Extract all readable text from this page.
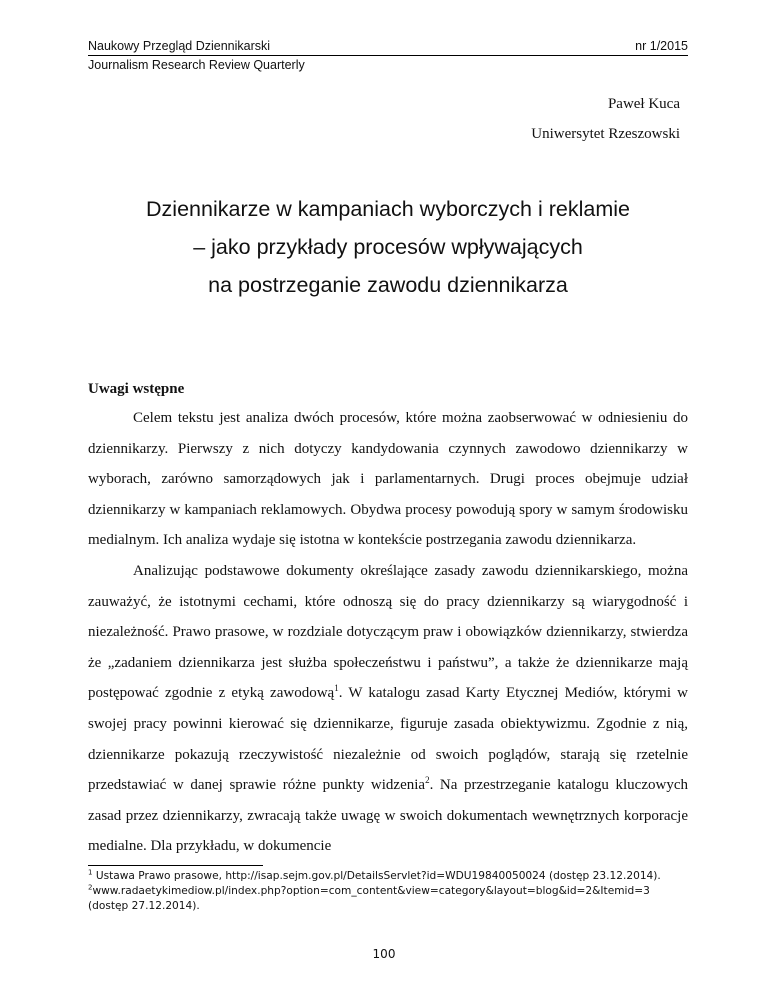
Naukowy Przegląd Dziennikarski	nr 1/2015
Journalism Research Review Quarterly
Paweł Kuca
Uniwersytet Rzeszowski
Dziennikarze w kampaniach wyborczych i reklamie
– jako przykłady procesów wpływających
na postrzeganie zawodu dziennikarza
Uwagi wstępne

Celem tekstu jest analiza dwóch procesów, które można zaobserwować w odniesieniu do dziennikarzy. Pierwszy z nich dotyczy kandydowania czynnych zawodowo dziennikarzy w wyborach, zarówno samorządowych jak i parlamentarnych. Drugi proces obejmuje udział dziennikarzy w kampaniach reklamowych. Obydwa procesy powodują spory w samym środowisku medialnym. Ich analiza wydaje się istotna w kontekście postrzegania zawodu dziennikarza.

Analizując podstawowe dokumenty określające zasady zawodu dziennikarskiego, można zauważyć, że istotnymi cechami, które odnoszą się do pracy dziennikarzy są wiarygodność i niezależność. Prawo prasowe, w rozdziale dotyczącym praw i obowiązków dziennikarzy, stwierdza że „zadaniem dziennikarza jest służba społeczeństwu i państwu”, a także że dziennikarze mają postępować zgodnie z etyką zawodową$^1$. W katalogu zasad Karty Etycznej Mediów, którymi w swojej pracy powinni kierować się dziennikarze, figuruje zasada obiektywizmu. Zgodnie z nią, dziennikarze pokazują rzeczywistość niezależnie od swoich poglądów, starają się rzetelnie przedstawiać w danej sprawie różne punkty widzenia$^2$. Na przestrzeganie katalogu kluczowych zasad przez dziennikarzy, zwracają także uwagę w swoich dokumentach wewnętrznych korporacje medialne. Dla przykładu, w dokumencie

$^1$ Ustawa Prawo prasowe, http://isap.sejm.gov.pl/DetailsServlet?id=WDU19840050024 (dostęp 23.12.2014).

$^2$www.radaetykimediow.pl/index.php?option=com_content&view=category&layout=blog&id=2&Itemid=3 (dostęp 27.12.2014).

100
